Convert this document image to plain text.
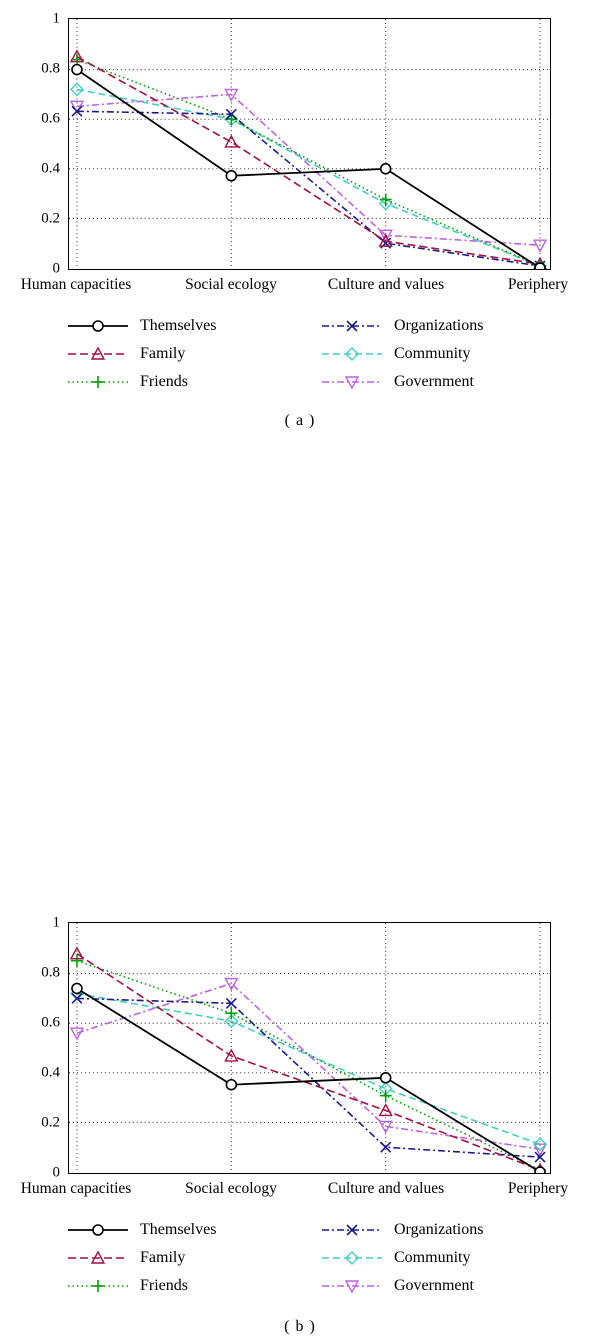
1
0.8
0.6
0.4
0.2
0
Human capacities	Social ecology	Culture and values	Periphery
Themselves
Family
Friends
Organizations
Community
Government
( a )
1
0.8
0.6
0.4
0.2
0
Human capacities	Social ecology	Culture and values	Periphery
Themselves
Family
Friends
Organizations
Community
Government
( b )
